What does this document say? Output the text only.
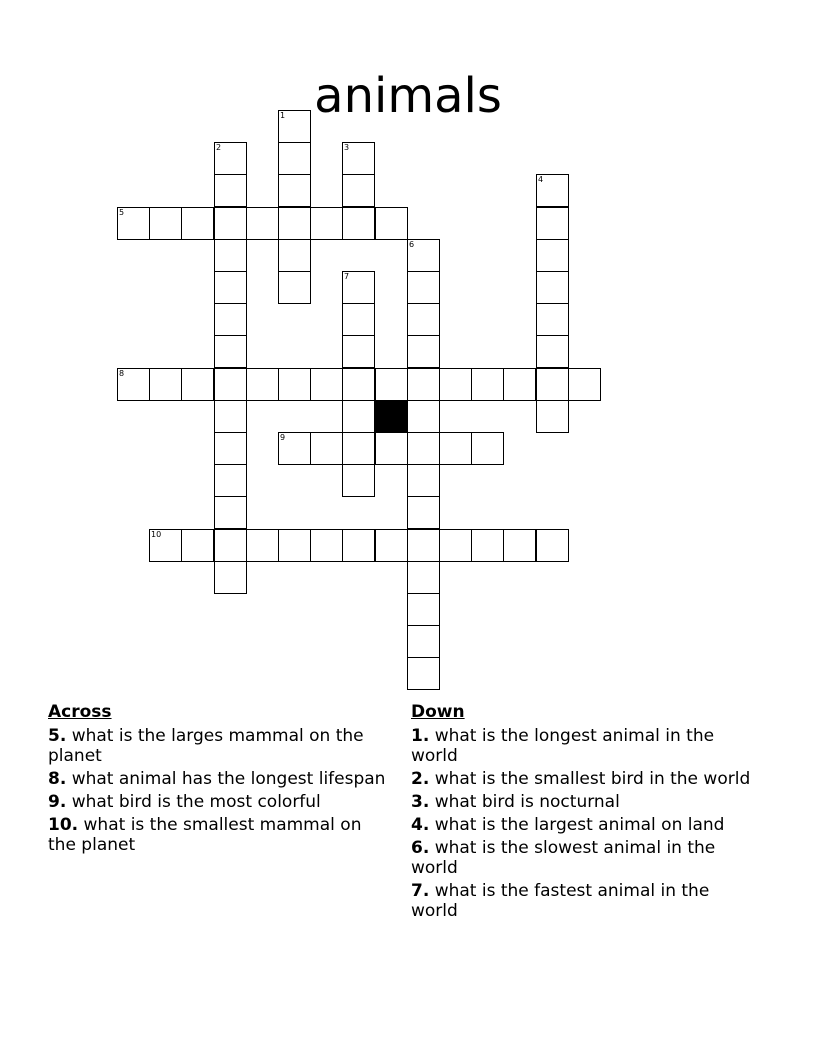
animals
1
2	3
4
5
6
7
8
9
10
Across
5. what is the larges mammal on the planet
8. what animal has the longest lifespan
9. what bird is the most colorful
10. what is the smallest mammal on the planet
Down
1. what is the longest animal in the world
2. what is the smallest bird in the world
3. what bird is nocturnal
4. what is the largest animal on land
6. what is the slowest animal in the world
7. what is the fastest animal in the world
